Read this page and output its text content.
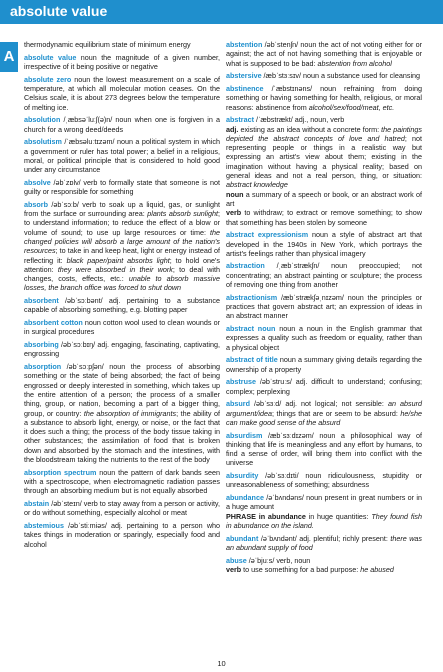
absolute value
A

thermodynamic equilibrium state of minimum energy

absolute value noun the magnitude of a given number, irrespective of it being positive or negative

absolute zero noun the lowest measurement on a scale of temperature, at which all molecular motion ceases. On the Celsius scale, it is about 273 degrees below the temperature of melting ice.

absolution /ˌæbsəˈluːʃ(ə)n/ noun when one is forgiven in a church for a wrong deed/deeds

absolutism /ˈæbsəluːtɪzəm/ noun a political system in which a government or ruler has total power; a belief in a religious, moral, or political principle that is considered to hold good under any circumstance

absolve /əbˈzɒlv/ verb to formally state that someone is not guilty or responsible for something

absorb /əbˈsɔːb/ verb to soak up a liquid, gas, or sunlight from the surface or surrounding area: plants absorb sunlight; to understand information; to reduce the effect of a blow or volume of sound; to use up large resources or time: the changed policies will absorb a large amount of the nation's resources; to take in and keep heat, light or energy instead of reflecting it: black paper/paint absorbs light; to hold one's attention: they were absorbed in their work; to deal with changes, costs, effects, etc.: unable to absorb massive losses, the branch office was forced to shut down

absorbent /əbˈsɔːbənt/ adj. pertaining to a substance capable of absorbing something, e.g. blotting paper

absorbent cotton noun cotton wool used to clean wounds or in surgical procedures

absorbing /əbˈsɔːbɪŋ/ adj. engaging, fascinating, captivating, engrossing

absorption /əbˈsɔːpʃən/ noun the process of absorbing something or the state of being absorbed; the fact of being engrossed or deeply interested in something, which takes up the entire attention of a person; the process of a smaller thing, group, or nation, becoming a part of a bigger thing, group, or country: the absorption of immigrants; the ability of a substance to absorb light, energy, or noise, or the fact that it does such a thing; the process of the body tissue taking in other substances; the assimilation of food that is broken down and absorbed by the stomach and the intestines, with the bloodstream taking the nutrients to the rest of the body

absorption spectrum noun the pattern of dark bands seen with a spectroscope, when electromagnetic radiation passes through an absorbing medium but is not equally absorbed

abstain /əbˈsteɪn/ verb to stay away from a person or activity, or do without something, especially alcohol or meat

abstemious /əbˈstiːmiəs/ adj. pertaining to a person who takes things in moderation or sparingly, especially food and alcohol

abstention /əbˈstenʃn/ noun the act of not voting either for or against; the act of not having something that is enjoyable or what is supposed to be bad: abstention from alcohol

abstersive /æbˈstɜːsɪv/ noun a substance used for cleansing

abstinence /ˈæbstɪnəns/ noun refraining from doing something or having something for health, religious, or moral reasons: abstinence from alcohol/sex/food/meat, etc.

abstract /ˈæbstrækt/ adj., noun, verb
adj. existing as an idea without a concrete form: the paintings depicted the abstract concepts of love and hatred; not representing people or things in a realistic way but expressing an artist's view about them; existing in the imagination without having a physical reality; based on general ideas and not a real person, thing, or situation: abstract knowledge
noun a summary of a speech or book, or an abstract work of art
verb to withdraw; to extract or remove something; to show that something has been stolen by someone

abstract expressionism noun a style of abstract art that developed in the 1940s in New York, which portrays the artist's feelings rather than physical imagery

abstraction /ˌæbˈstrækʃn/ noun preoccupied; not concentrating; an abstract painting or sculpture; the process of removing one thing from another

abstractionism /æbˈstrækʃəˌnɪzəm/ noun the principles or practices that govern abstract art; an expression of ideas in an abstract manner

abstract noun noun a noun in the English grammar that expresses a quality such as freedom or equality, rather than a physical object

abstract of title noun a summary giving details regarding the ownership of a property

abstruse /əbˈstruːs/ adj. difficult to understand; confusing; complex; perplexing

absurd /əbˈsɜːd/ adj. not logical; not sensible: an absurd argument/idea; things that are or seem to be absurd: he/she can make good sense of the absurd

absurdism /æbˈsɜːdɪzəm/ noun a philosophical way of thinking that life is meaningless and any effort by humans, to find a sense of order, will bring them into conflict with the universe

absurdity /əbˈsɜːdɪti/ noun ridiculousness, stupidity or unreasonableness of something; absurdness

abundance /əˈbʌndəns/ noun present in great numbers or in a huge amount
PHRASE in abundance in huge quantities: They found fish in abundance on the island.

abundant /əˈbʌndənt/ adj. plentiful; richly present: there was an abundant supply of food

abuse /əˈbjuːs/ verb, noun
verb to use something for a bad purpose: he abused

10
